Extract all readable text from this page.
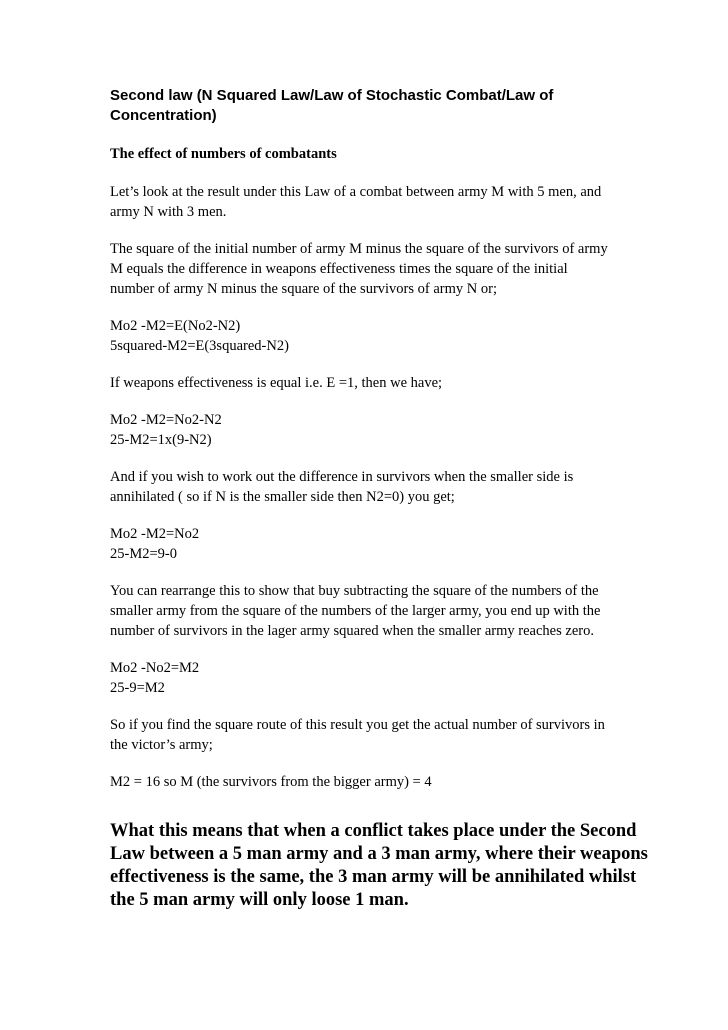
Second law (N Squared Law/Law of Stochastic Combat/Law of
Concentration)
The effect of numbers of combatants
Let’s look at the result under this Law of a combat between army M with 5 men, and
army N with 3 men.
The square of the initial number of army M minus the square of the survivors of army
M equals the difference in weapons effectiveness times the square of the initial
number of army N minus the square of the survivors of army N or;
Mo2 -M2=E(No2-N2)
5squared-M2=E(3squared-N2)
If weapons effectiveness is equal i.e. E =1, then we have;
Mo2 -M2=No2-N2
25-M2=1x(9-N2)
And if you wish to work out the difference in survivors when the smaller side is
annihilated ( so if N is the smaller side then N2=0) you get;
Mo2 -M2=No2
25-M2=9-0
You can rearrange this to show that buy subtracting the square of the numbers of the
smaller army from the square of the numbers of the larger army, you end up with the
number of survivors in the lager army squared when the smaller army reaches zero.
Mo2 -No2=M2
25-9=M2
So if you find the square route of this result you get the actual number of survivors in
the victor’s army;
M2 = 16 so M (the survivors from the bigger army) = 4
What this means that when a conflict takes place under the Second
Law between a 5 man army and a 3 man army, where their weapons
effectiveness is the same, the 3 man army will be annihilated whilst
the 5 man army will only loose 1 man.
